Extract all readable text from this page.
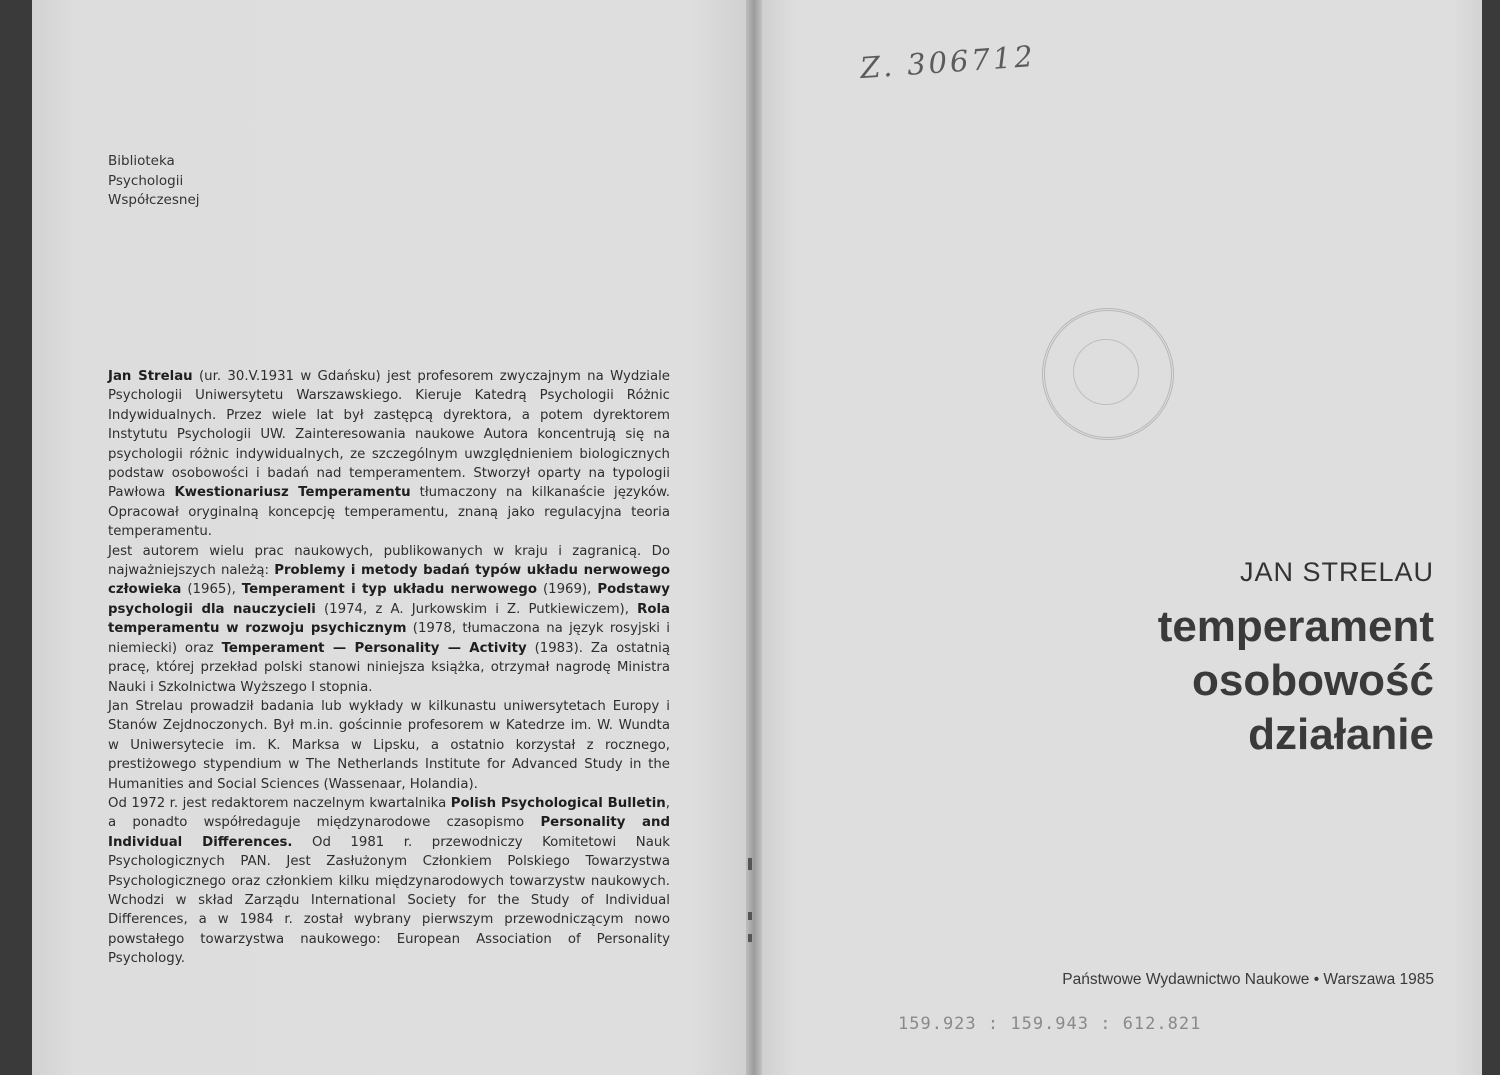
Biblioteka
Psychologii
Współczesnej

Jan Strelau (ur. 30.V.1931 w Gdańsku) jest profesorem zwyczajnym na Wydziale Psychologii Uniwersytetu Warszawskiego. Kieruje Katedrą Psychologii Różnic Indywidualnych. Przez wiele lat był zastępcą dyrektora, a potem dyrektorem Instytutu Psychologii UW. Zainteresowania naukowe Autora koncentrują się na psychologii różnic indywidualnych, ze szczególnym uwzględnieniem biologicznych podstaw osobowości i badań nad temperamentem. Stworzył oparty na typologii Pawłowa Kwestionariusz Temperamentu tłumaczony na kilkanaście języków. Opracował oryginalną koncepcję temperamentu, znaną jako regulacyjna teoria temperamentu.

Jest autorem wielu prac naukowych, publikowanych w kraju i zagranicą. Do najważniejszych należą: Problemy i metody badań typów układu nerwowego człowieka (1965), Temperament i typ układu nerwowego (1969), Podstawy psychologii dla nauczycieli (1974, z A. Jurkowskim i Z. Putkiewiczem), Rola temperamentu w rozwoju psychicznym (1978, tłumaczona na język rosyjski i niemiecki) oraz Temperament — Personality — Activity (1983). Za ostatnią pracę, której przekład polski stanowi niniejsza książka, otrzymał nagrodę Ministra Nauki i Szkolnictwa Wyższego I stopnia.

Jan Strelau prowadził badania lub wykłady w kilkunastu uniwersytetach Europy i Stanów Zejdnoczonych. Był m.in. gościnnie profesorem w Katedrze im. W. Wundta w Uniwersytecie im. K. Marksa w Lipsku, a ostatnio korzystał z rocznego, prestiżowego stypendium w The Netherlands Institute for Advanced Study in the Humanities and Social Sciences (Wassenaar, Holandia).

Od 1972 r. jest redaktorem naczelnym kwartalnika Polish Psychological Bulletin, a ponadto współredaguje międzynarodowe czasopismo Personality and Individual Differences. Od 1981 r. przewodniczy Komitetowi Nauk Psychologicznych PAN. Jest Zasłużonym Członkiem Polskiego Towarzystwa Psychologicznego oraz członkiem kilku międzynarodowych towarzystw naukowych. Wchodzi w skład Zarządu International Society for the Study of Individual Differences, a w 1984 r. został wybrany pierwszym przewodniczącym nowo powstałego towarzystwa naukowego: European Association of Personality Psychology.

Z. 306712
JAN STRELAU
temperament
osobowość
działanie
Państwowe Wydawnictwo Naukowe • Warszawa 1985
159.923 : 159.943 : 612.821
